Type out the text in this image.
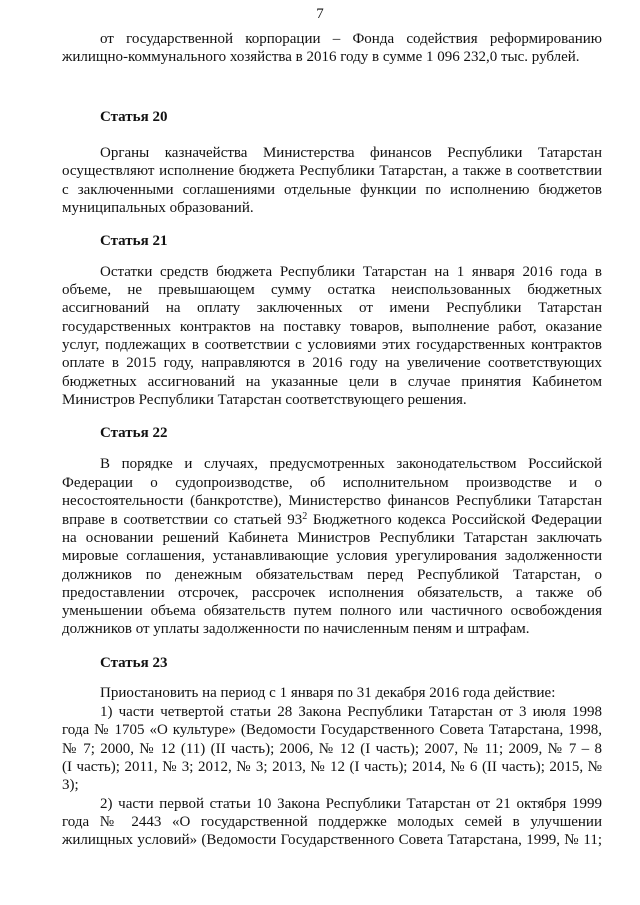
7
от государственной корпорации – Фонда содействия реформированию
жилищно-коммунального хозяйства в 2016 году в сумме 1 096 232,0 тыс. рублей.
Статья 20
Органы казначейства Министерства финансов Республики Татарстан
осуществляют исполнение бюджета Республики Татарстан, а также в соответствии
с заключенными соглашениями отдельные функции по исполнению бюджетов
муниципальных образований.
Статья 21
Остатки средств бюджета Республики Татарстан на 1 января 2016 года в
объеме, не превышающем сумму остатка неиспользованных бюджетных
ассигнований на оплату заключенных от имени Республики Татарстан
государственных контрактов на поставку товаров, выполнение работ, оказание
услуг, подлежащих в соответствии с условиями этих государственных контрактов
оплате в 2015 году, направляются в 2016 году на увеличение соответствующих
бюджетных ассигнований на указанные цели в случае принятия Кабинетом
Министров Республики Татарстан соответствующего решения.
Статья 22
В порядке и случаях, предусмотренных законодательством Российской
Федерации о судопроизводстве, об исполнительном производстве и о
несостоятельности (банкротстве), Министерство финансов Республики Татарстан
вправе в соответствии со статьей $93^2$ Бюджетного кодекса Российской Федерации
на основании решений Кабинета Министров Республики Татарстан заключать
мировые соглашения, устанавливающие условия урегулирования задолженности
должников по денежным обязательствам перед Республикой Татарстан, о
предоставлении отсрочек, рассрочек исполнения обязательств, а также об
уменьшении объема обязательств путем полного или частичного освобождения
должников от уплаты задолженности по начисленным пеням и штрафам.
Статья 23
Приостановить на период с 1 января по 31 декабря 2016 года действие:
1) части четвертой статьи 28 Закона Республики Татарстан от 3 июля 1998
года № 1705 «О культуре» (Ведомости Государственного Совета Татарстана, 1998,
№ 7; 2000, № 12 (11) (II часть); 2006, № 12 (I часть); 2007, № 11; 2009, № 7 – 8
(I часть); 2011, № 3; 2012, № 3; 2013, № 12 (I часть); 2014, № 6 (II часть); 2015, №
3);
2) части первой статьи 10 Закона Республики Татарстан от 21 октября 1999
года № 2443 «О государственной поддержке молодых семей в улучшении
жилищных условий» (Ведомости Государственного Совета Татарстана, 1999, № 11;
